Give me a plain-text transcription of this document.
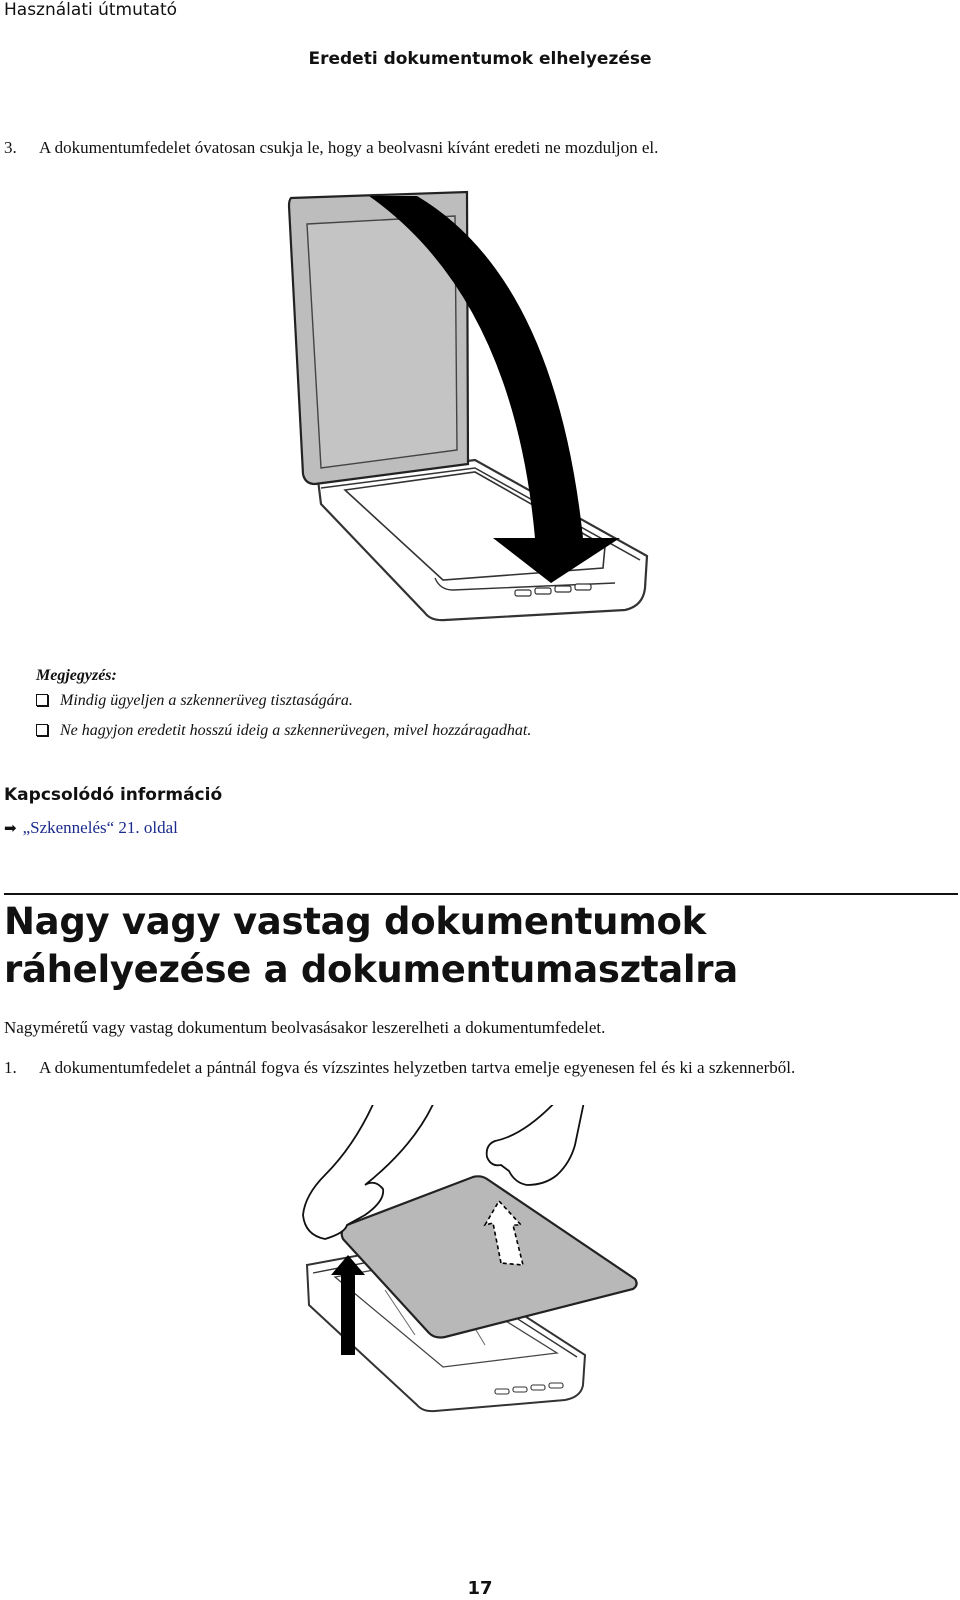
Használati útmutató
Eredeti dokumentumok elhelyezése
3. A dokumentumfedelet óvatosan csukja le, hogy a beolvasni kívánt eredeti ne mozduljon el.
Megjegyzés:
Mindig ügyeljen a szkennerüveg tisztaságára.
Ne hagyjon eredetit hosszú ideig a szkennerüvegen, mivel hozzáragadhat.
Kapcsolódó információ
➡ „Szkennelés“ 21. oldal
Nagy vagy vastag dokumentumok ráhelyezése a dokumentumasztalra
Nagyméretű vagy vastag dokumentum beolvasásakor leszerelheti a dokumentumfedelet.
1. A dokumentumfedelet a pántnál fogva és vízszintes helyzetben tartva emelje egyenesen fel és ki a szkennerből.
17
